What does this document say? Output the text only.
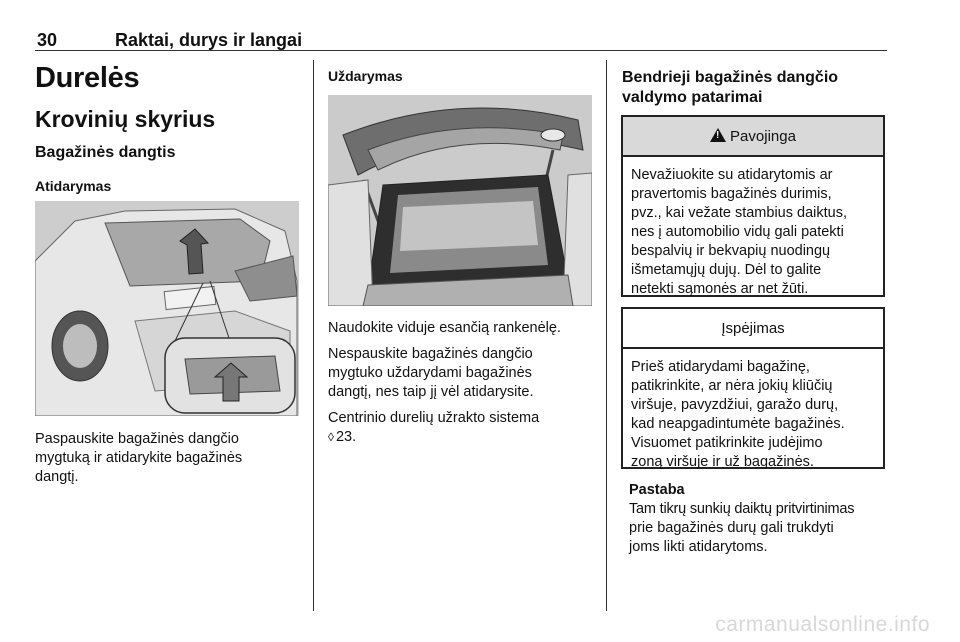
30	Raktai, durys ir langai
Durelės
Krovinių skyrius
Bagažinės dangtis
Atidarymas
Paspauskite bagažinės dangčio
mygtuką ir atidarykite bagažinės
dangtį.
Uždarymas

Naudokite viduje esančią rankenėlę.

Nespauskite bagažinės dangčio
mygtuko uždarydami bagažinės
dangtį, nes taip jį vėl atidarysite.

Centrinio durelių užrakto sistema
◊ 23.

Bendrieji bagažinės dangčio
valdymo patarimai
!
Pavojinga
Nevažiuokite su atidarytomis ar
pravertomis bagažinės durimis,
pvz., kai vežate stambius daiktus,
nes į automobilio vidų gali patekti
bespalvių ir bekvapių nuodingų
išmetamųjų dujų. Dėl to galite
netekti sąmonės ar net žūti.
Įspėjimas
Prieš atidarydami bagažinę,
patikrinkite, ar nėra jokių kliūčių
viršuje, pavyzdžiui, garažo durų,
kad neapgadintumėte bagažinės.
Visuomet patikrinkite judėjimo
zoną viršuje ir už bagažinės.
Pastaba
Tam tikrų sunkių daiktų pritvirtinimas
prie bagažinės durų gali trukdyti
joms likti atidarytoms.
carmanualsonline.info
